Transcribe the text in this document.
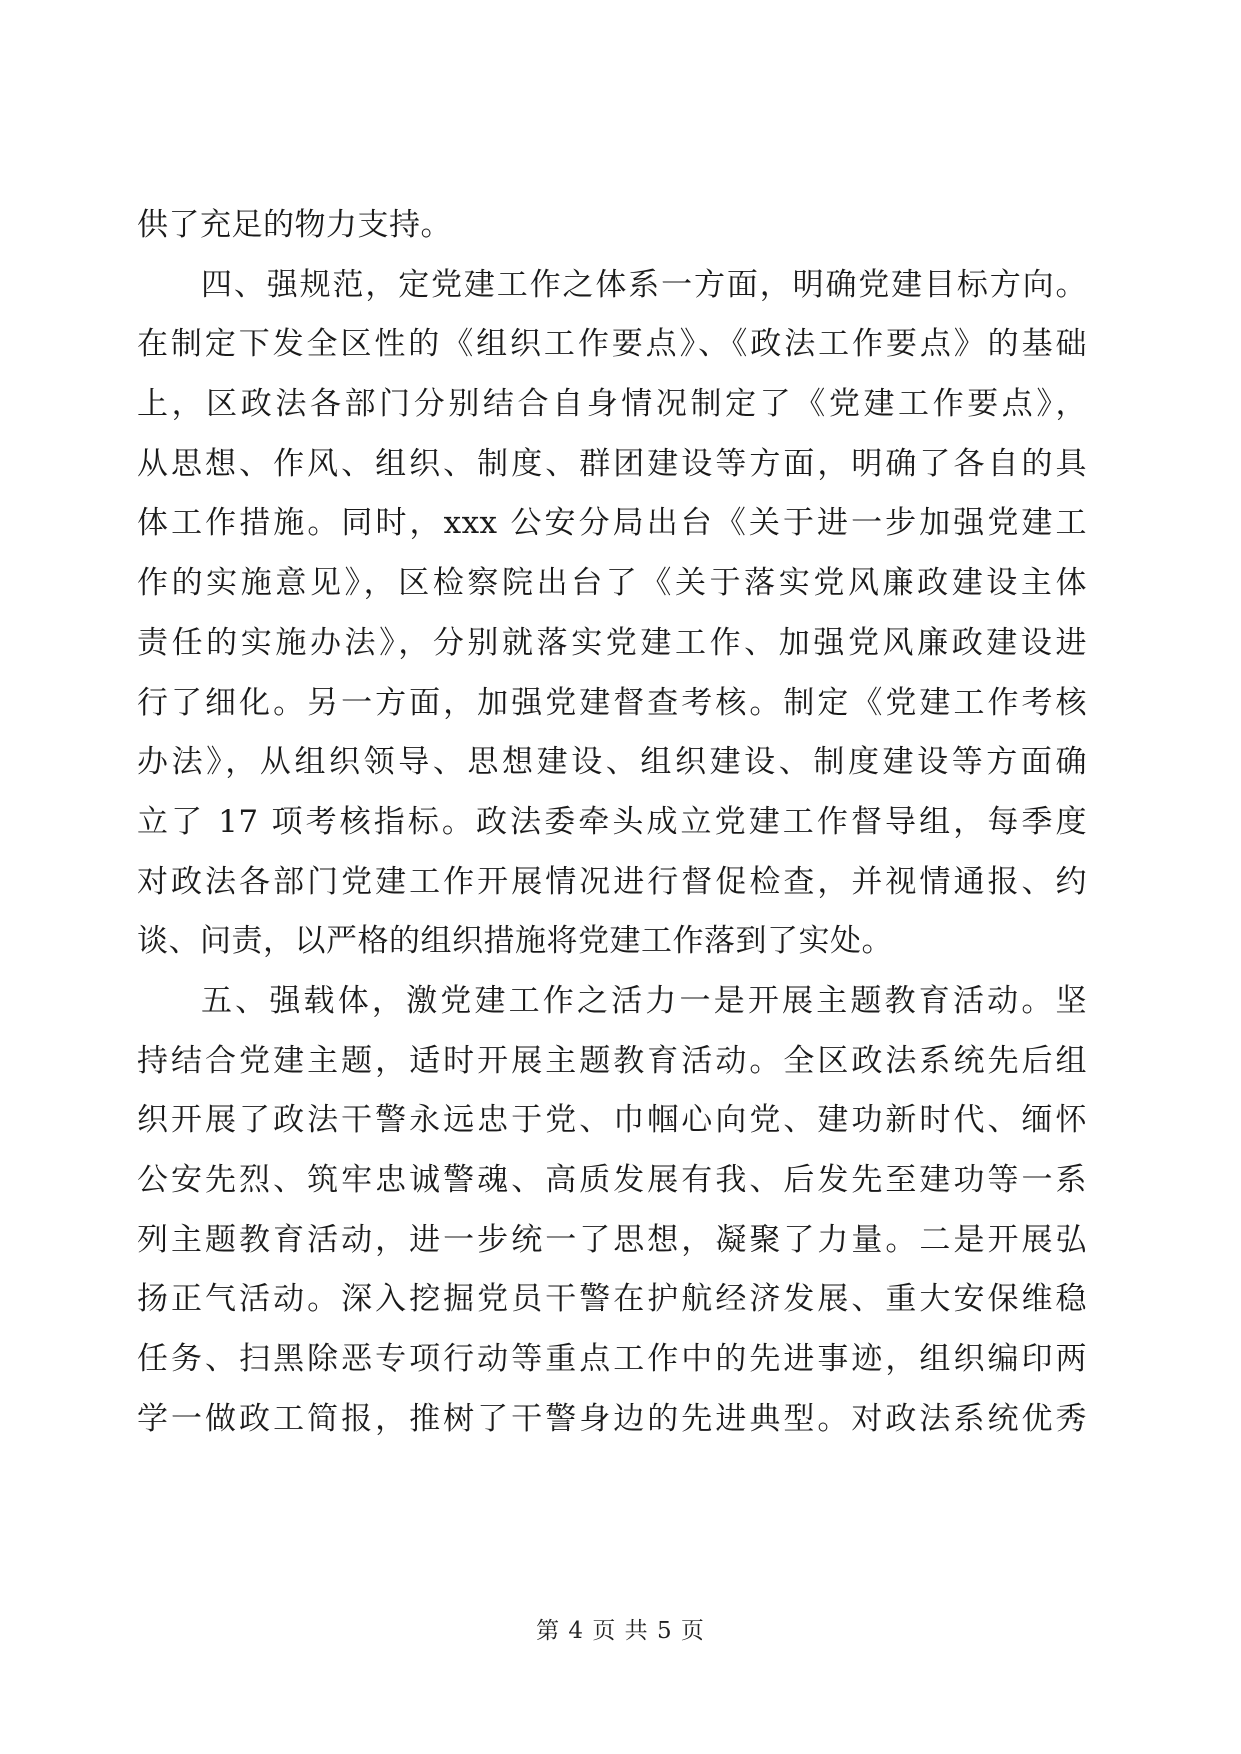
供了充足的物力支持。
四、强规范，定党建工作之体系一方面，明确党建目标方向。
在制定下发全区性的《组织工作要点》、《政法工作要点》的基础
上，区政法各部门分别结合自身情况制定了《党建工作要点》，
从思想、作风、组织、制度、群团建设等方面，明确了各自的具
体工作措施。同时，xxx 公安分局出台《关于进一步加强党建工
作的实施意见》，区检察院出台了《关于落实党风廉政建设主体
责任的实施办法》，分别就落实党建工作、加强党风廉政建设进
行了细化。另一方面，加强党建督查考核。制定《党建工作考核
办法》，从组织领导、思想建设、组织建设、制度建设等方面确
立了 17 项考核指标。政法委牵头成立党建工作督导组，每季度
对政法各部门党建工作开展情况进行督促检查，并视情通报、约
谈、问责，以严格的组织措施将党建工作落到了实处。
五、强载体，激党建工作之活力一是开展主题教育活动。坚
持结合党建主题，适时开展主题教育活动。全区政法系统先后组
织开展了政法干警永远忠于党、巾帼心向党、建功新时代、缅怀
公安先烈、筑牢忠诚警魂、高质发展有我、后发先至建功等一系
列主题教育活动，进一步统一了思想，凝聚了力量。二是开展弘
扬正气活动。深入挖掘党员干警在护航经济发展、重大安保维稳
任务、扫黑除恶专项行动等重点工作中的先进事迹，组织编印两
学一做政工简报，推树了干警身边的先进典型。对政法系统优秀
第 4 页 共 5 页
